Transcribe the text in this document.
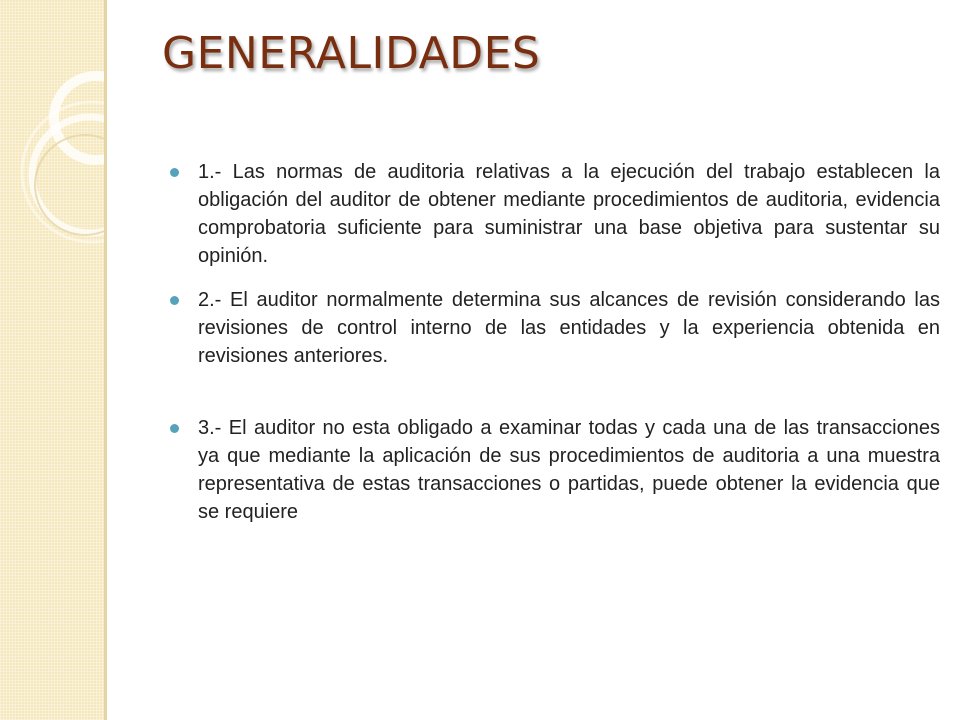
GENERALIDADES
1.- Las normas de auditoria relativas a la ejecución del trabajo establecen la obligación del auditor de obtener mediante procedimientos de auditoria, evidencia comprobatoria suficiente para suministrar una base objetiva para sustentar su opinión.
2.- El auditor normalmente determina sus alcances de revisión considerando las revisiones de control interno de las entidades y la experiencia obtenida en revisiones anteriores.
3.- El auditor no esta obligado a examinar todas y cada una de las transacciones ya que mediante la aplicación de sus procedimientos de auditoria a una muestra representativa de estas transacciones o partidas, puede obtener la evidencia que se requiere
